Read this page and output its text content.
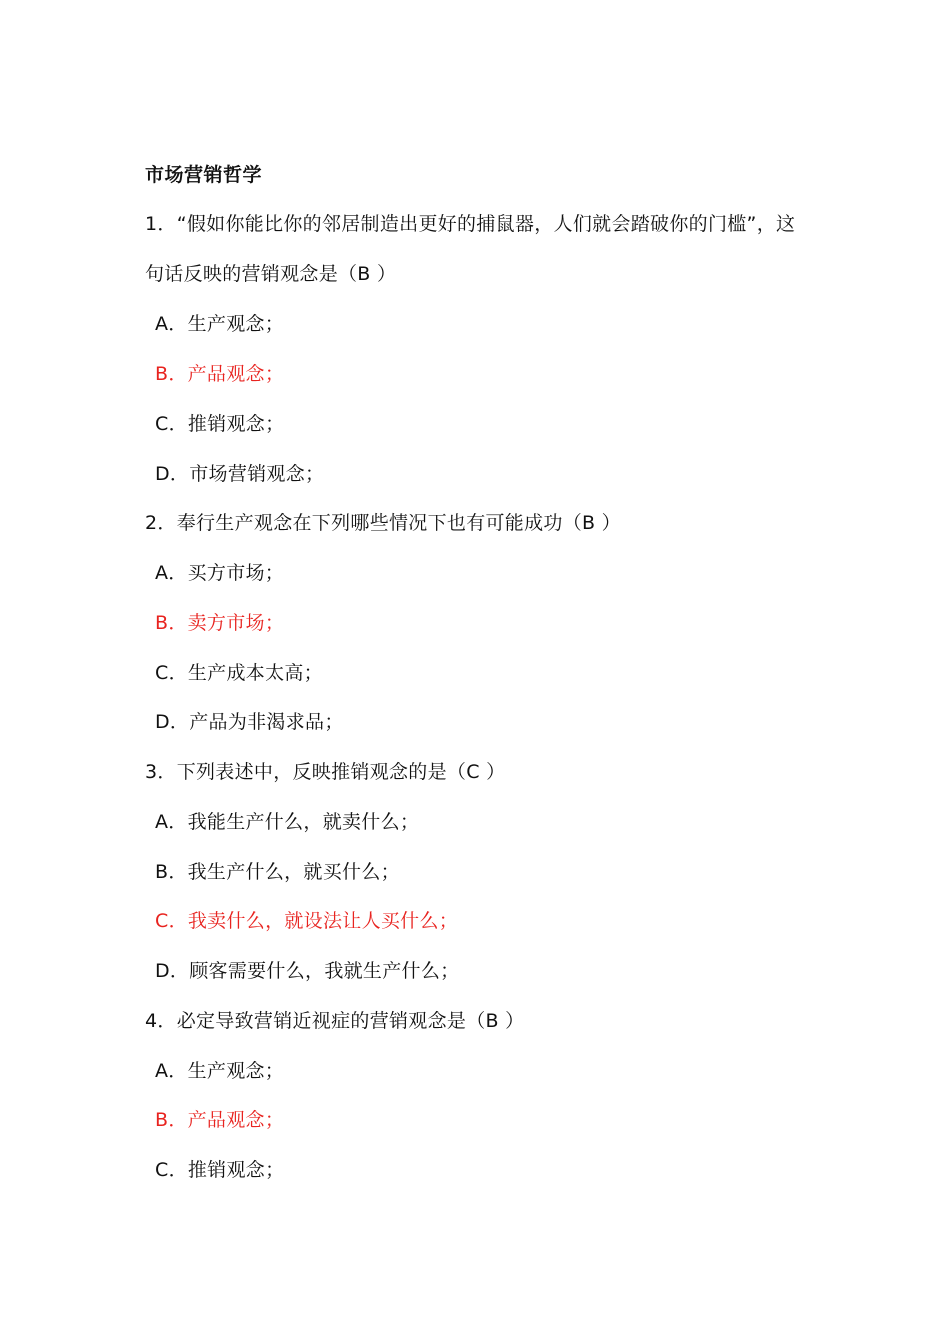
市场营销哲学
1．“假如你能比你的邻居制造出更好的捕鼠器，人们就会踏破你的门槛”，这
句话反映的营销观念是（B ）
A．生产观念；
B．产品观念；
C．推销观念；
D．市场营销观念；
2．奉行生产观念在下列哪些情况下也有可能成功（B ）
A．买方市场；
B．卖方市场；
C．生产成本太高；
D．产品为非渴求品；
3．下列表述中，反映推销观念的是（C ）
A．我能生产什么，就卖什么；
B．我生产什么，就买什么；
C．我卖什么，就设法让人买什么；
D．顾客需要什么，我就生产什么；
4．必定导致营销近视症的营销观念是（B ）
A．生产观念；
B．产品观念；
C．推销观念；
